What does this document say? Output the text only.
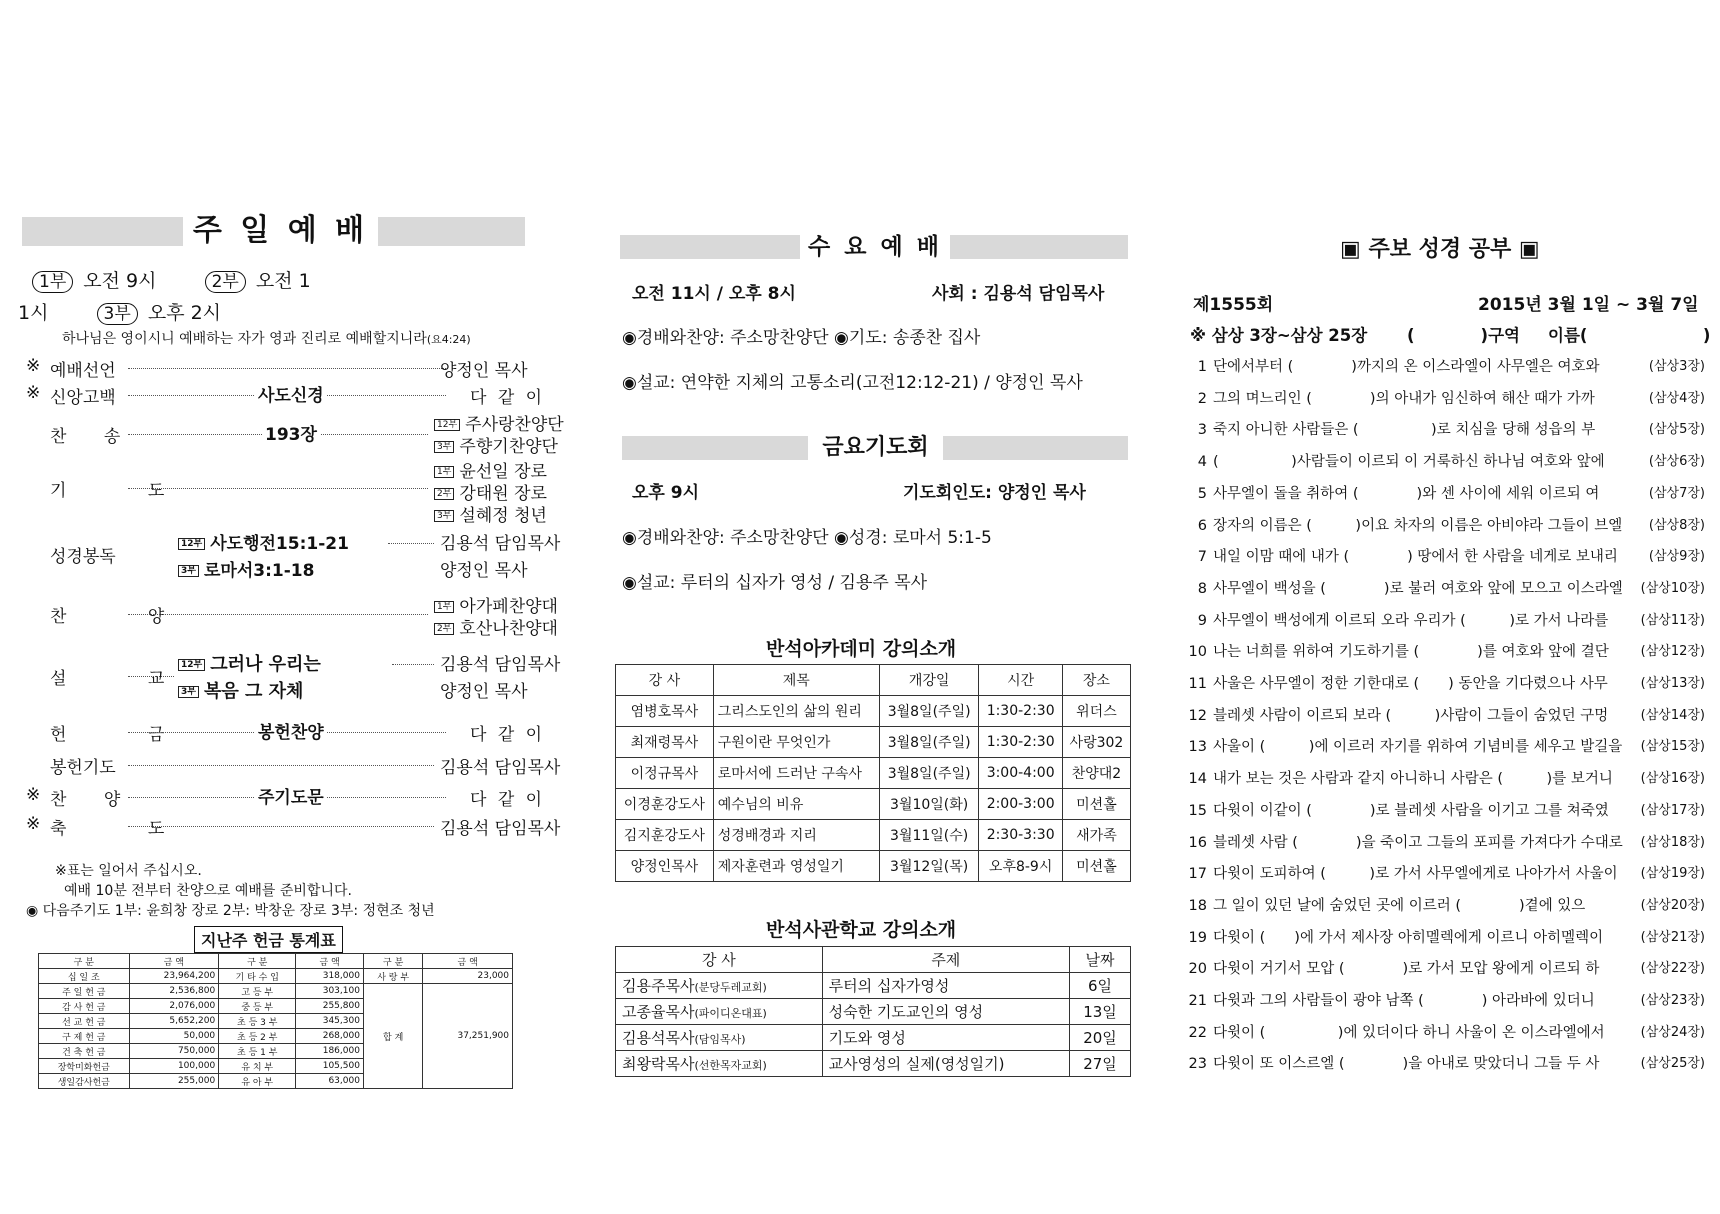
주 일 예 배
1부 오전 9시	2부 오전 1
1시	3부 오후 2시
하나님은 영이시니 예배하는 자가 영과 진리로 예배할지니라(요4:24)
※ 예배선언	양정인 목사
※ 신앙고백	사도신경	다 같 이
찬 송	193장	12부 주사랑찬양단
3부 주향기찬양단
기 도
1부 윤선일 장로
2부 강태원 장로
3부 설혜정 청년
성경봉독
12부 사도행전15:1-21	김용석 담임목사
3부 로마서3:1-18	양정인 목사
찬 양	1부 아가페찬양대
2부 호산나찬양대
설 교
12부 그러나 우리는	김용석 담임목사
3부 복음 그 자체	양정인 목사
헌 금	봉헌찬양	다 같 이
봉헌기도	김용석 담임목사
※ 찬 양	주기도문	다 같 이
※ 축 도	김용석 담임목사
※표는 일어서 주십시오.
예배 10분 전부터 찬양으로 예배를 준비합니다.
◉ 다음주기도 1부: 윤희창 장로 2부: 박창운 장로 3부: 정현조 청년
지난주 헌금 통계표
구 분	금 액	구 분	금 액	구 분	금 액
십 일 조	23,964,200	기 타 수 입	318,000	사 랑 부	23,000
주 일 헌 금	2,536,800	고 등 부	303,100	합 계	37,251,900
감 사 헌 금	2,076,000	중 등 부	255,800		
선 교 헌 금	5,652,200	초 등 3 부	345,300		
구 제 헌 금	50,000	초 등 2 부	268,000		
건 축 헌 금	750,000	초 등 1 부	186,000		
장학미화헌금	100,000	유 치 부	105,500		
생일감사헌금	255,000	유 아 부	63,000		
수 요 예 배
오전 11시 / 오후 8시	사회 : 김용석 담임목사
◉경배와찬양: 주소망찬양단 ◉기도: 송종찬 집사
◉설교: 연약한 지체의 고통소리(고전12:12-21) / 양정인 목사
금요기도회
오후 9시	기도회인도: 양정인 목사
◉경배와찬양: 주소망찬양단 ◉성경: 로마서 5:1-5
◉설교: 루터의 십자가 영성 / 김용주 목사
반석아카데미 강의소개
강 사	제목	개강일	시간	장소
염병호목사	그리스도인의 삶의 원리	3월8일(주일)	1:30-2:30	위더스
최재령목사	구원이란 무엇인가	3월8일(주일)	1:30-2:30	사랑302
이정규목사	로마서에 드러난 구속사	3월8일(주일)	3:00-4:00	찬양대2
이경훈강도사	예수님의 비유	3월10일(화)	2:00-3:00	미션홀
김지훈강도사	성경배경과 지리	3월11일(수)	2:30-3:30	새가족
양정인목사	제자훈련과 영성일기	3월12일(목)	오후8-9시	미션홀
반석사관학교 강의소개
강 사	주제	날짜
김용주목사(분당두레교회)	루터의 십자가영성	6일
고종율목사(파이디온대표)	성숙한 기도교인의 영성	13일
김용석목사(담임목사)	기도와 영성	20일
최왕락목사(선한목자교회)	교사영성의 실제(영성일기)	27일
▣ 주보 성경 공부 ▣
제1555회	2015년 3월 1일 ~ 3월 7일
※ 삼상 3장~삼상 25장 (　　　　)구역 이름(　　　　　　　)
1 단에서부터 (　　　　)까지의 온 이스라엘이 사무엘은 여호와	(삼상3장)
2 그의 며느리인 (　　　　)의 아내가 임신하여 해산 때가 가까	(삼상4장)
3 죽지 아니한 사람들은 (　　　　　)로 치심을 당해 성읍의 부	(삼상5장)
4 (　　　　　)사람들이 이르되 이 거룩하신 하나님 여호와 앞에	(삼상6장)
5 사무엘이 돌을 취하여 (　　　　)와 센 사이에 세워 이르되 여	(삼상7장)
6 장자의 이름은 (　　　)이요 차자의 이름은 아비야라 그들이 브엘 (삼상8장)
7 내일 이맘 때에 내가 (　　　　) 땅에서 한 사람을 네게로 보내리 (삼상9장)
8 사무엘이 백성을 (　　　　)로 불러 여호와 앞에 모으고 이스라엘 (삼상10장)
9 사무엘이 백성에게 이르되 오라 우리가 (　　　)로 가서 나라를 (삼상11장)
10 나는 너희를 위하여 기도하기를 (　　　　)를 여호와 앞에 결단 (삼상12장)
11 사울은 사무엘이 정한 기한대로 (　　) 동안을 기다렸으나 사무	(삼상13장)
12 블레셋 사람이 이르되 보라 (　　　)사람이 그들이 숨었던 구멍 (삼상14장)
13 사울이 (　　　)에 이르러 자기를 위하여 기념비를 세우고 발길을 (삼상15장)
14 내가 보는 것은 사람과 같지 아니하니 사람은 (　　　)를 보거니 (삼상16장)
15 다윗이 이같이 (　　　　)로 블레셋 사람을 이기고 그를 쳐죽였 (삼상17장)
16 블레셋 사람 (　　　　)을 죽이고 그들의 포피를 가져다가 수대로 (삼상18장)
17 다윗이 도피하여 (　　　)로 가서 사무엘에게로 나아가서 사울이 (삼상19장)
18 그 일이 있던 날에 숨었던 곳에 이르러 (　　　　)곁에 있으	(삼상20장)
19 다윗이 (　　)에 가서 제사장 아히멜렉에게 이르니 아히멜렉이	(삼상21장)
20 다윗이 거기서 모압 (　　　　)로 가서 모압 왕에게 이르되 하	(삼상22장)
21 다윗과 그의 사람들이 광야 남쪽 (　　　　) 아라바에 있더니	(삼상23장)
22 다윗이 (　　　　　)에 있더이다 하니 사울이 온 이스라엘에서	(삼상24장)
23 다윗이 또 이스르엘 (　　　　)을 아내로 맞았더니 그들 두 사	(삼상25장)
